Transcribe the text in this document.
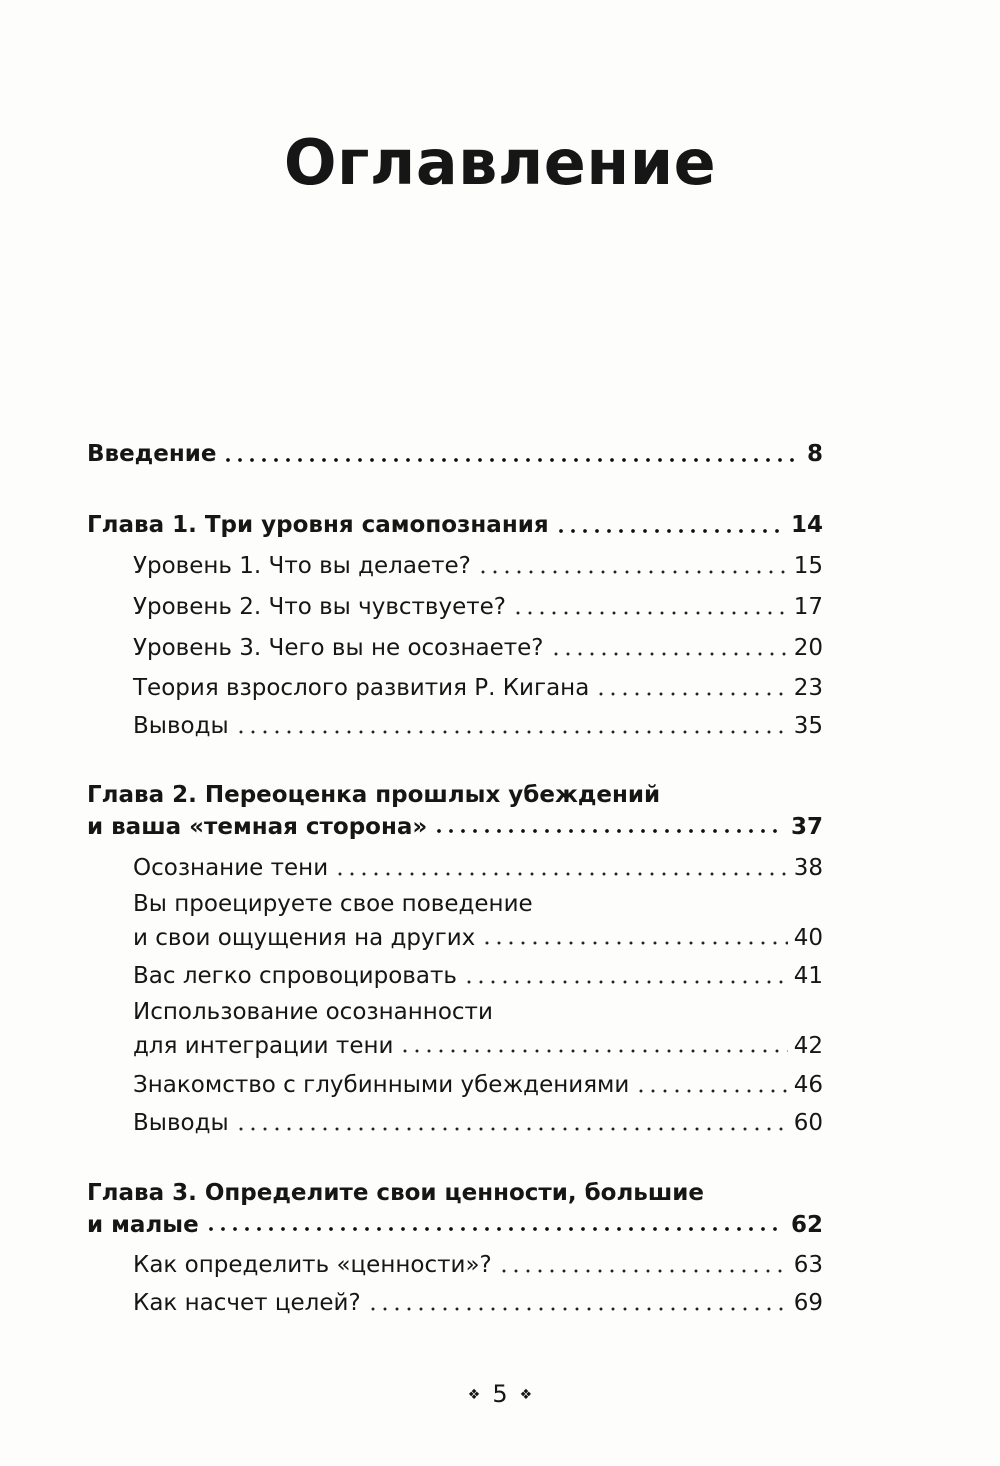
Оглавление
Введение	8
Глава 1. Три уровня самопознания	14
Уровень 1. Что вы делаете?	15
Уровень 2. Что вы чувствуете?	17
Уровень 3. Чего вы не осознаете?	20
Теория взрослого развития Р. Кигана	23
Выводы	35
Глава 2. Переоценка прошлых убеждений
и ваша «темная сторона»	37
Осознание тени	38
Вы проецируете свое поведение
и свои ощущения на других	40
Вас легко спровоцировать	41
Использование осознанности
для интеграции тени	42
Знакомство с глубинными убеждениями	46
Выводы	60
Глава 3. Определите свои ценности, большие
и малые	62
Как определить «ценности»?	63
Как насчет целей?	69
❖ 5 ❖
